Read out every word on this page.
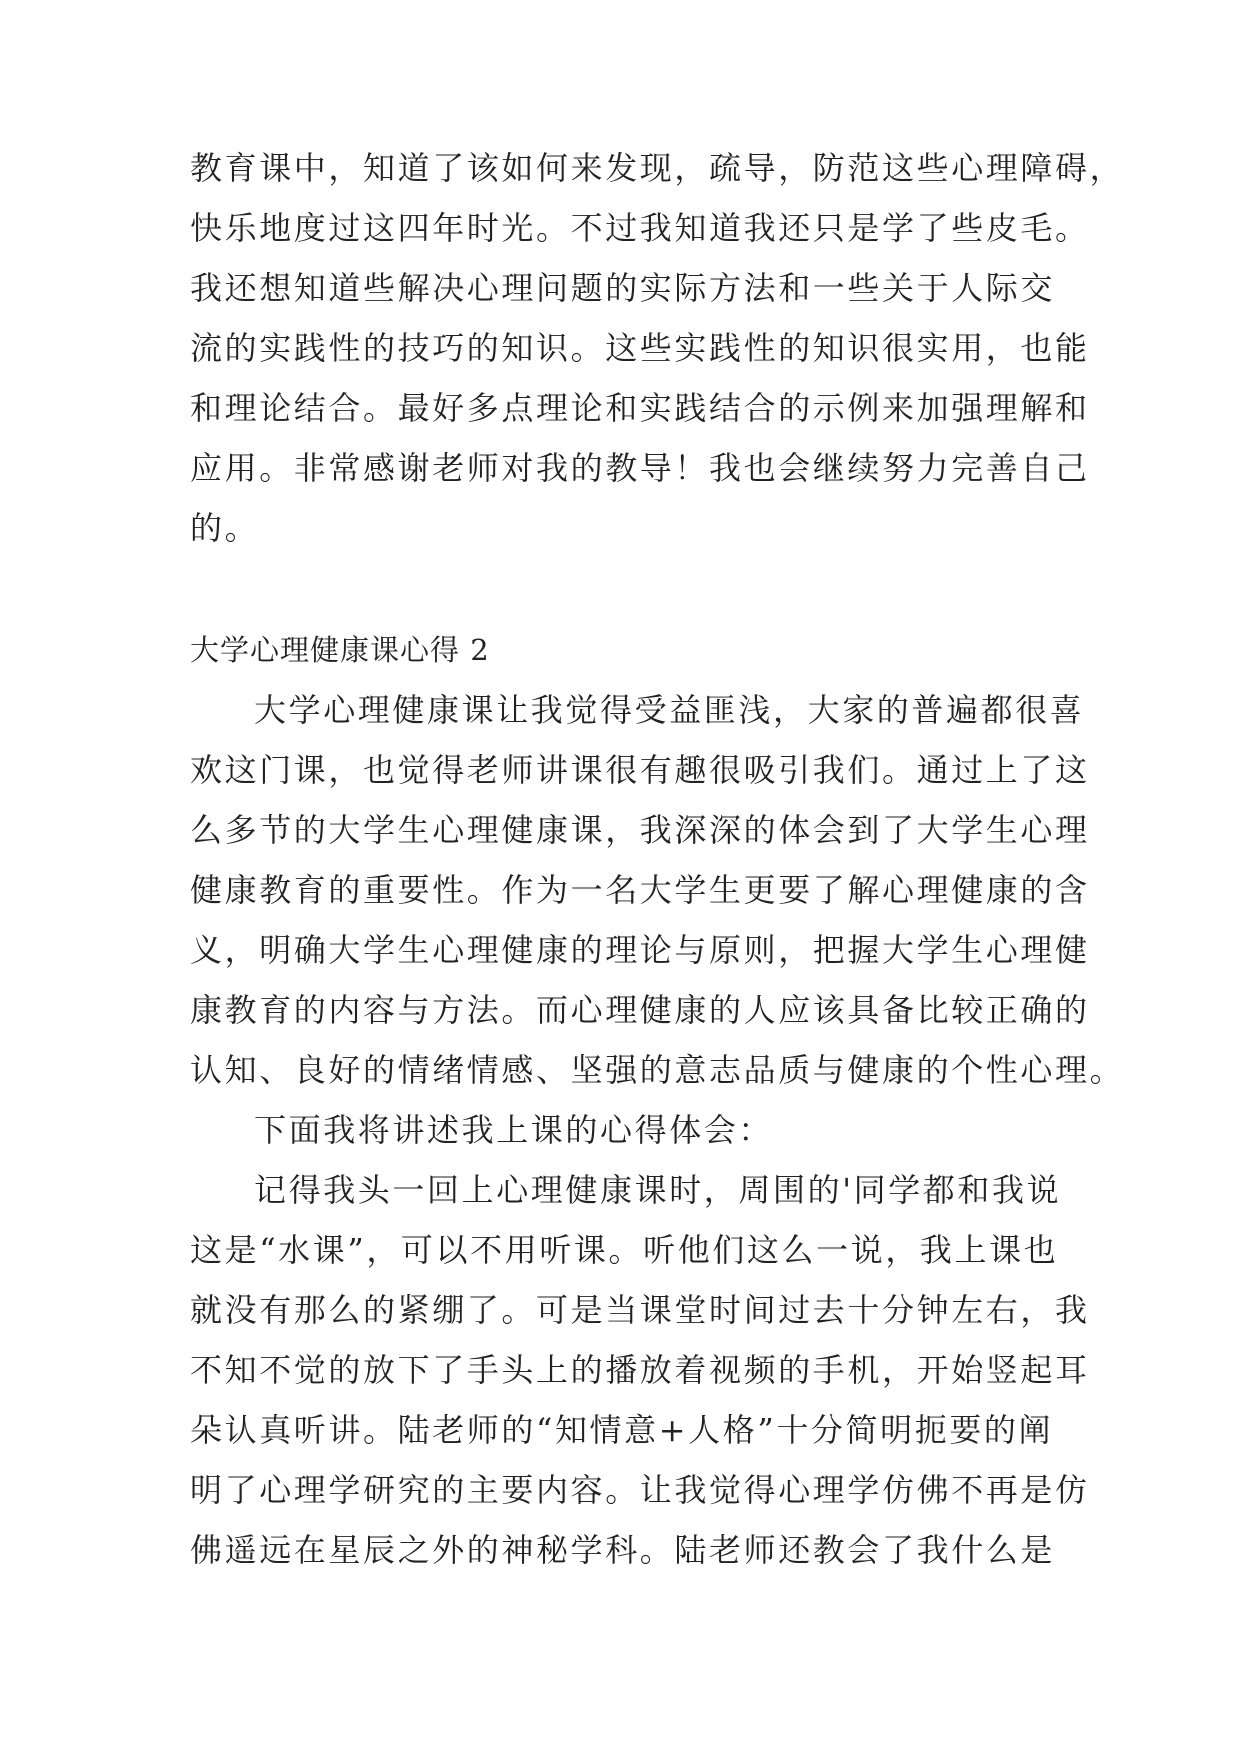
教育课中，知道了该如何来发现，疏导，防范这些心理障碍，
快乐地度过这四年时光。不过我知道我还只是学了些皮毛。
我还想知道些解决心理问题的实际方法和一些关于人际交
流的实践性的技巧的知识。这些实践性的知识很实用，也能
和理论结合。最好多点理论和实践结合的示例来加强理解和
应用。非常感谢老师对我的教导！我也会继续努力完善自己
的。
大学心理健康课心得 2
大学心理健康课让我觉得受益匪浅，大家的普遍都很喜
欢这门课，也觉得老师讲课很有趣很吸引我们。通过上了这
么多节的大学生心理健康课，我深深的体会到了大学生心理
健康教育的重要性。作为一名大学生更要了解心理健康的含
义，明确大学生心理健康的理论与原则，把握大学生心理健
康教育的内容与方法。而心理健康的人应该具备比较正确的
认知、良好的情绪情感、坚强的意志品质与健康的个性心理。
下面我将讲述我上课的心得体会：
记得我头一回上心理健康课时，周围的'同学都和我说
这是“水课”，可以不用听课。听他们这么一说，我上课也
就没有那么的紧绷了。可是当课堂时间过去十分钟左右，我
不知不觉的放下了手头上的播放着视频的手机，开始竖起耳
朵认真听讲。陆老师的“知情意+人格”十分简明扼要的阐
明了心理学研究的主要内容。让我觉得心理学仿佛不再是仿
佛遥远在星辰之外的神秘学科。陆老师还教会了我什么是
